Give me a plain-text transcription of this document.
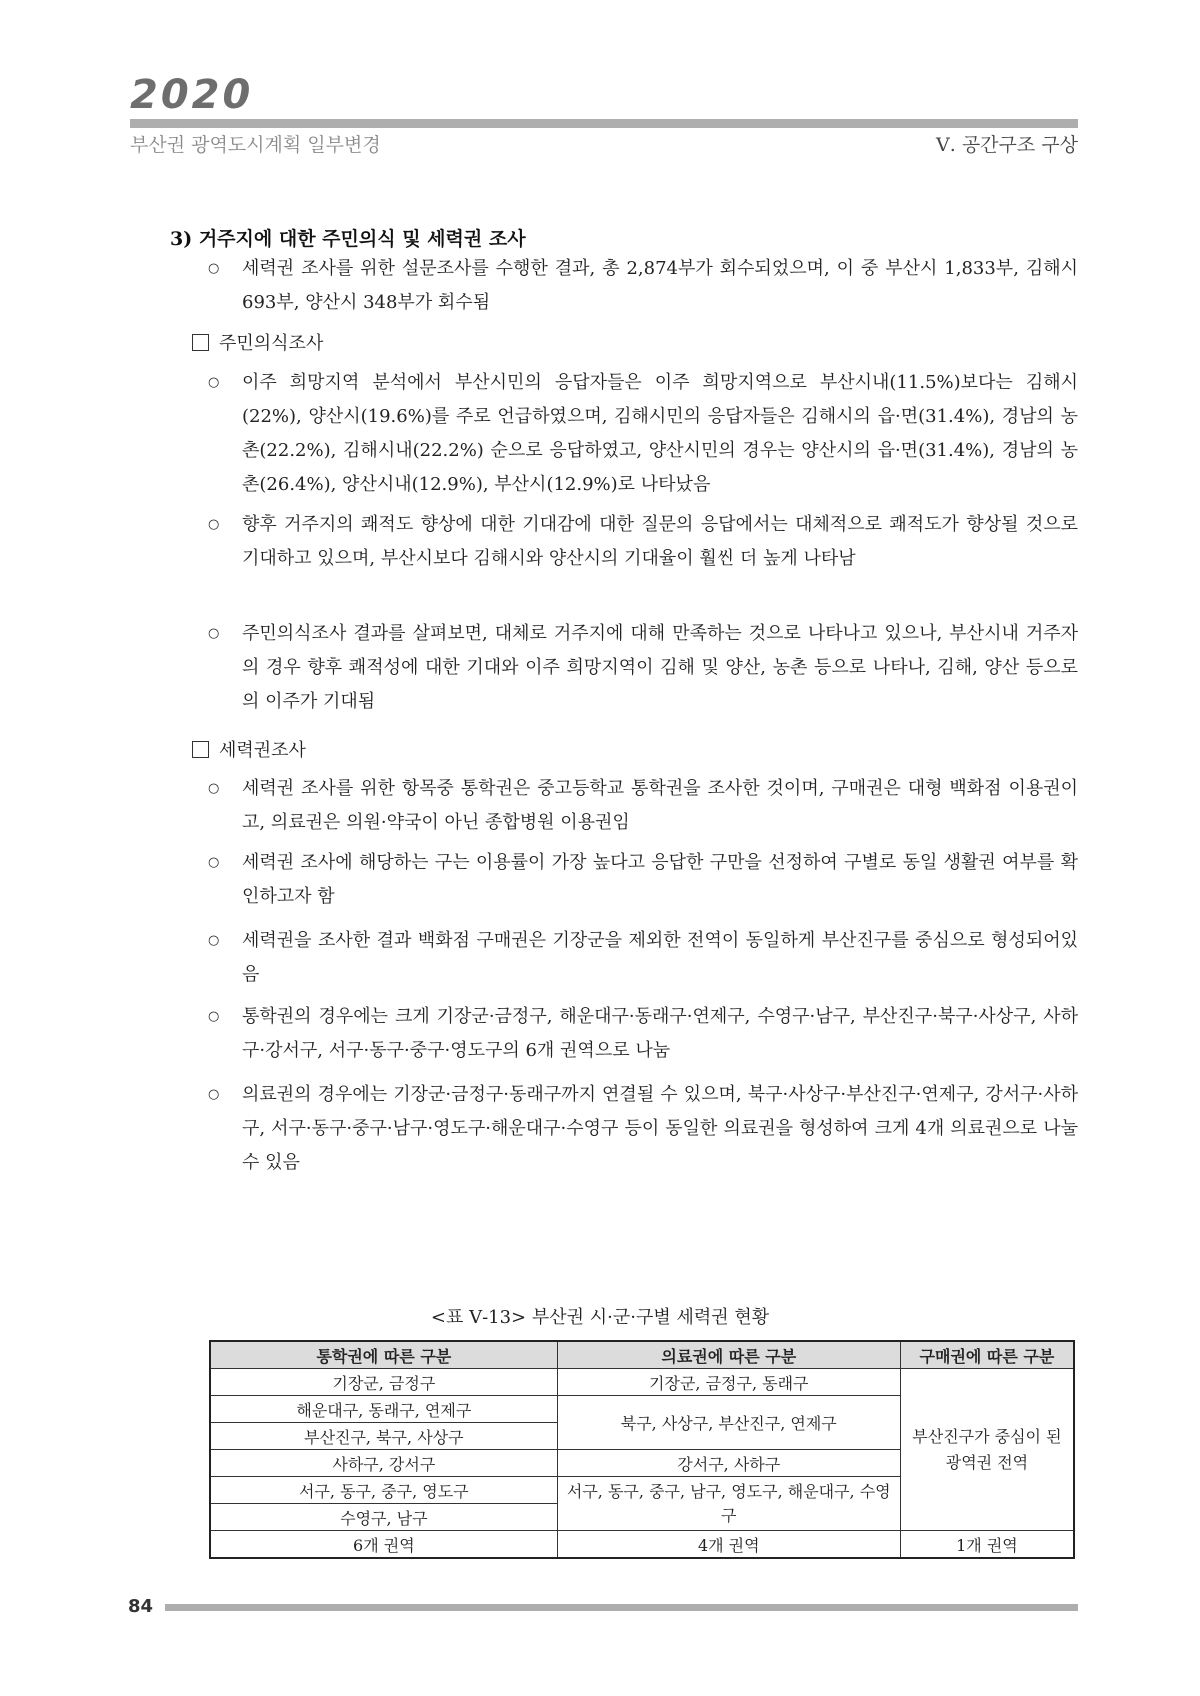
2020
부산권 광역도시계획 일부변경	Ⅴ. 공간구조 구상
3) 거주지에 대한 주민의식 및 세력권 조사
○	세력권 조사를 위한 설문조사를 수행한 결과, 총 2,874부가 회수되었으며, 이 중 부산시 1,833부, 김해시 693부, 양산시 348부가 회수됨
주민의식조사
○	이주 희망지역 분석에서 부산시민의 응답자들은 이주 희망지역으로 부산시내(11.5%)보다는 김해시(22%), 양산시(19.6%)를 주로 언급하였으며, 김해시민의 응답자들은 김해시의 읍·면(31.4%), 경남의 농촌(22.2%), 김해시내(22.2%) 순으로 응답하였고, 양산시민의 경우는 양산시의 읍·면(31.4%), 경남의 농촌(26.4%), 양산시내(12.9%), 부산시(12.9%)로 나타났음
○	향후 거주지의 쾌적도 향상에 대한 기대감에 대한 질문의 응답에서는 대체적으로 쾌적도가 향상될 것으로 기대하고 있으며, 부산시보다 김해시와 양산시의 기대율이 훨씬 더 높게 나타남
○	주민의식조사 결과를 살펴보면, 대체로 거주지에 대해 만족하는 것으로 나타나고 있으나, 부산시내 거주자의 경우 향후 쾌적성에 대한 기대와 이주 희망지역이 김해 및 양산, 농촌 등으로 나타나, 김해, 양산 등으로의 이주가 기대됨
세력권조사
○	세력권 조사를 위한 항목중 통학권은 중고등학교 통학권을 조사한 것이며, 구매권은 대형 백화점 이용권이고, 의료권은 의원·약국이 아닌 종합병원 이용권임
○	세력권 조사에 해당하는 구는 이용률이 가장 높다고 응답한 구만을 선정하여 구별로 동일 생활권 여부를 확인하고자 함
○	세력권을 조사한 결과 백화점 구매권은 기장군을 제외한 전역이 동일하게 부산진구를 중심으로 형성되어있음
○	통학권의 경우에는 크게 기장군·금정구, 해운대구·동래구·연제구, 수영구·남구, 부산진구·북구·사상구, 사하구·강서구, 서구·동구·중구·영도구의 6개 권역으로 나눔
○	의료권의 경우에는 기장군·금정구·동래구까지 연결될 수 있으며, 북구·사상구·부산진구·연제구, 강서구·사하구, 서구·동구·중구·남구·영도구·해운대구·수영구 등이 동일한 의료권을 형성하여 크게 4개 의료권으로 나눌 수 있음
<표 Ⅴ-13> 부산권 시·군·구별 세력권 현황
통학권에 따른 구분	의료권에 따른 구분	구매권에 따른 구분
기장군, 금정구	기장군, 금정구, 동래구	부산진구가 중심이 된 광역권 전역
해운대구, 동래구, 연제구	북구, 사상구, 부산진구, 연제구	
부산진구, 북구, 사상구		
사하구, 강서구	강서구, 사하구	
서구, 동구, 중구, 영도구	서구, 동구, 중구, 남구, 영도구, 해운대구, 수영구	
수영구, 남구		
6개 권역	4개 권역	1개 권역
84
